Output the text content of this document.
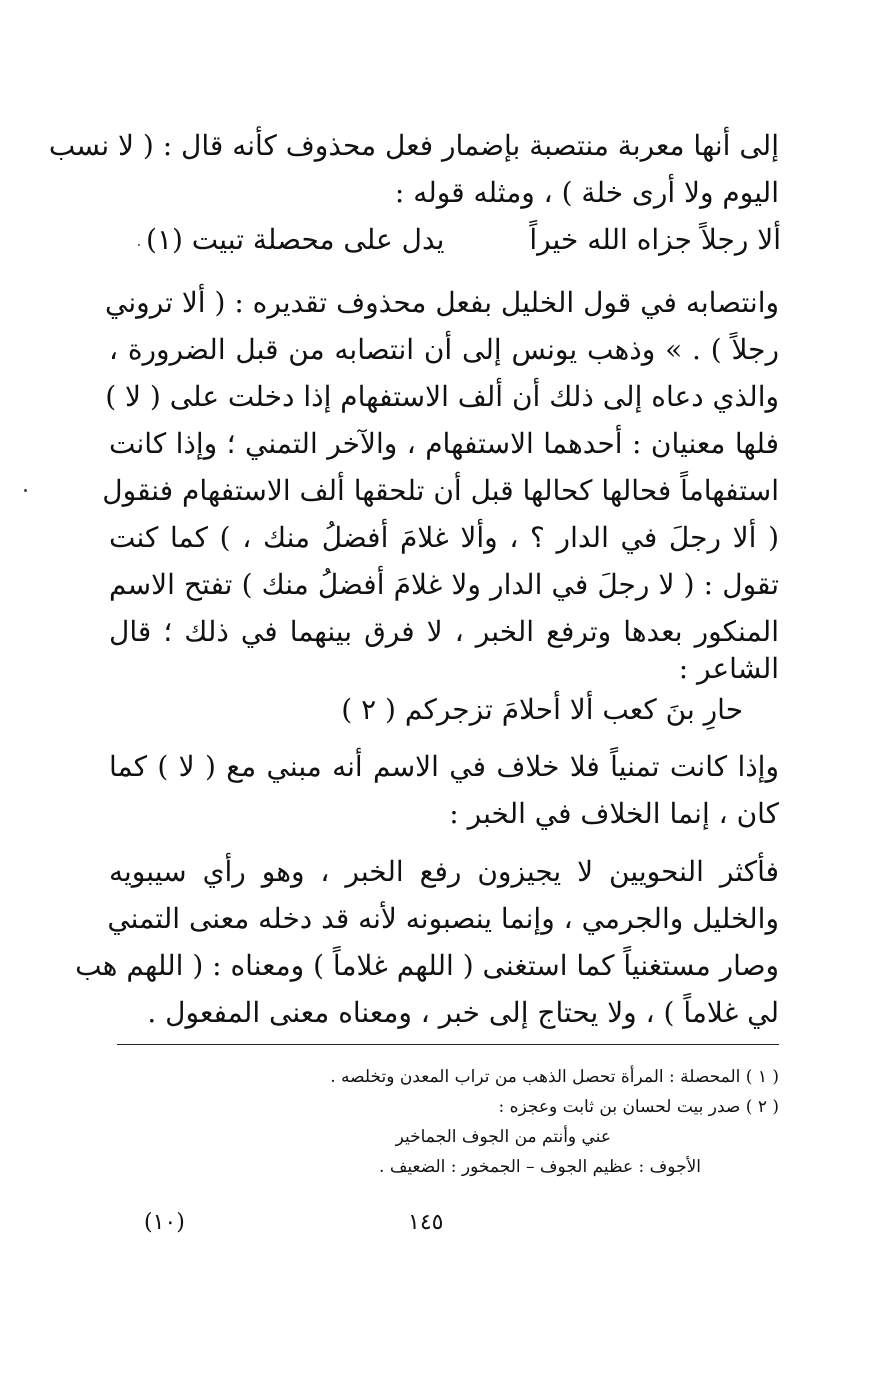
إلى أنها معربة منتصبة بإضمار فعل محذوف كأنه قال : ( لا نسب
اليوم ولا أرى خلة ) ، ومثله قوله :
ألا رجلاً جزاه الله خيراً
يدل على محصلة تبيت (١)
وانتصابه في قول الخليل بفعل محذوف تقديره : ( ألا تروني
رجلاً ) . » وذهب يونس إلى أن انتصابه من قبل الضرورة ،
والذي دعاه إلى ذلك أن ألف الاستفهام إذا دخلت على ( لا )
فلها معنيان : أحدهما الاستفهام ، والآخر التمني ؛ وإذا كانت
استفهاماً فحالها كحالها قبل أن تلحقها ألف الاستفهام فنقول
( ألا رجلَ في الدار ؟ ، وألا غلامَ أفضلُ منك ، ) كما كنت
تقول : ( لا رجلَ في الدار ولا غلامَ أفضلُ منك ) تفتح الاسم
المنكور بعدها وترفع الخبر ، لا فرق بينهما في ذلك ؛ قال
الشاعر :
حارِ بنَ كعب ألا أحلامَ تزجركم ( ٢ )
وإذا كانت تمنياً فلا خلاف في الاسم أنه مبني مع ( لا ) كما
كان ، إنما الخلاف في الخبر :
فأكثر النحويين لا يجيزون رفع الخبر ، وهو رأي سيبويه
والخليل والجرمي ، وإنما ينصبونه لأنه قد دخله معنى التمني
وصار مستغنياً كما استغنى ( اللهم غلاماً ) ومعناه : ( اللهم هب
لي غلاماً ) ، ولا يحتاج إلى خبر ، ومعناه معنى المفعول .
( ١ ) المحصلة : المرأة تحصل الذهب من تراب المعدن وتخلصه .
( ٢ ) صدر بيت لحسان بن ثابت وعجزه :
عني وأنتم من الجوف الجماخير
الأجوف : عظيم الجوف – الجمخور : الضعيف .
١٤٥
(١٠)
